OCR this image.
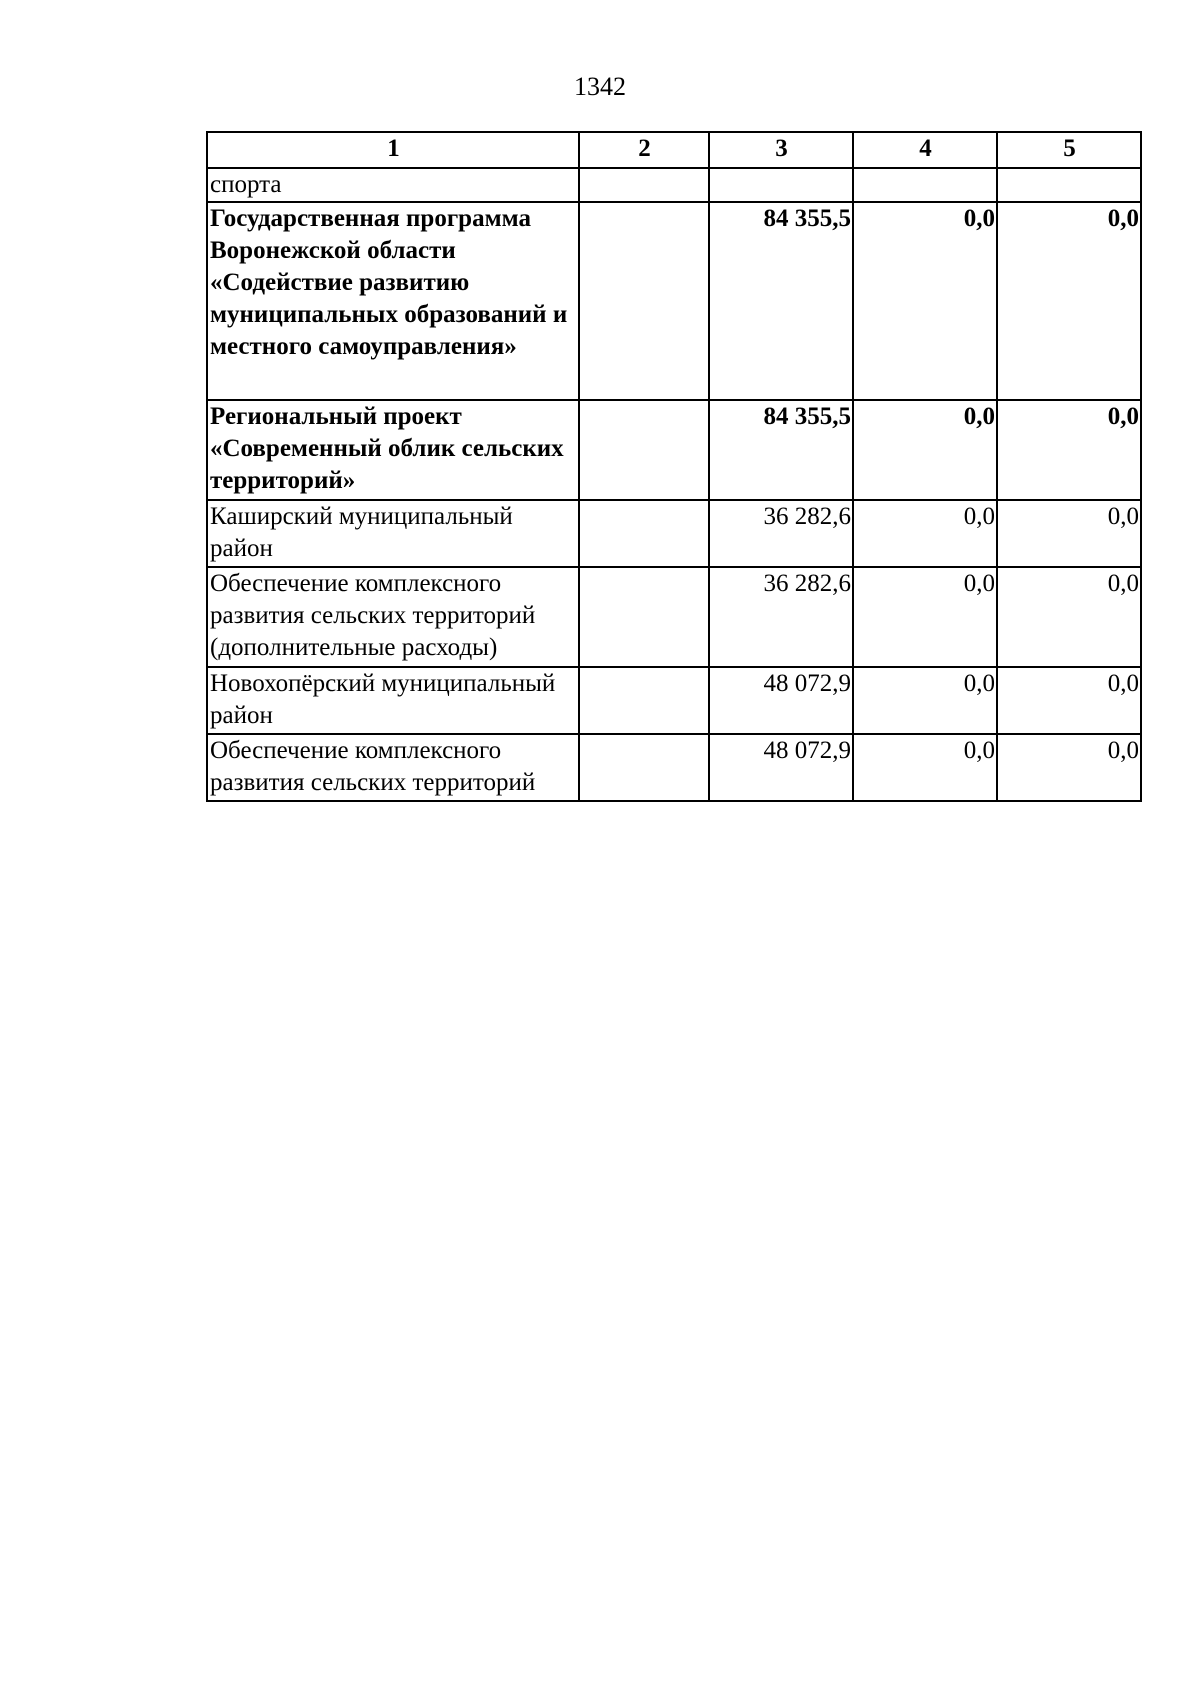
1342
1	2	3	4	5
спорта				
Государственная программа Воронежской области «Содействие развитию муниципальных образований и местного самоуправления»		84 355,5	0,0	0,0
Региональный проект «Современный облик сельских территорий»		84 355,5	0,0	0,0
Каширский муниципальный район		36 282,6	0,0	0,0
Обеспечение комплексного развития сельских территорий (дополнительные расходы)		36 282,6	0,0	0,0
Новохопёрский муниципальный район		48 072,9	0,0	0,0
Обеспечение комплексного развития сельских территорий		48 072,9	0,0	0,0
